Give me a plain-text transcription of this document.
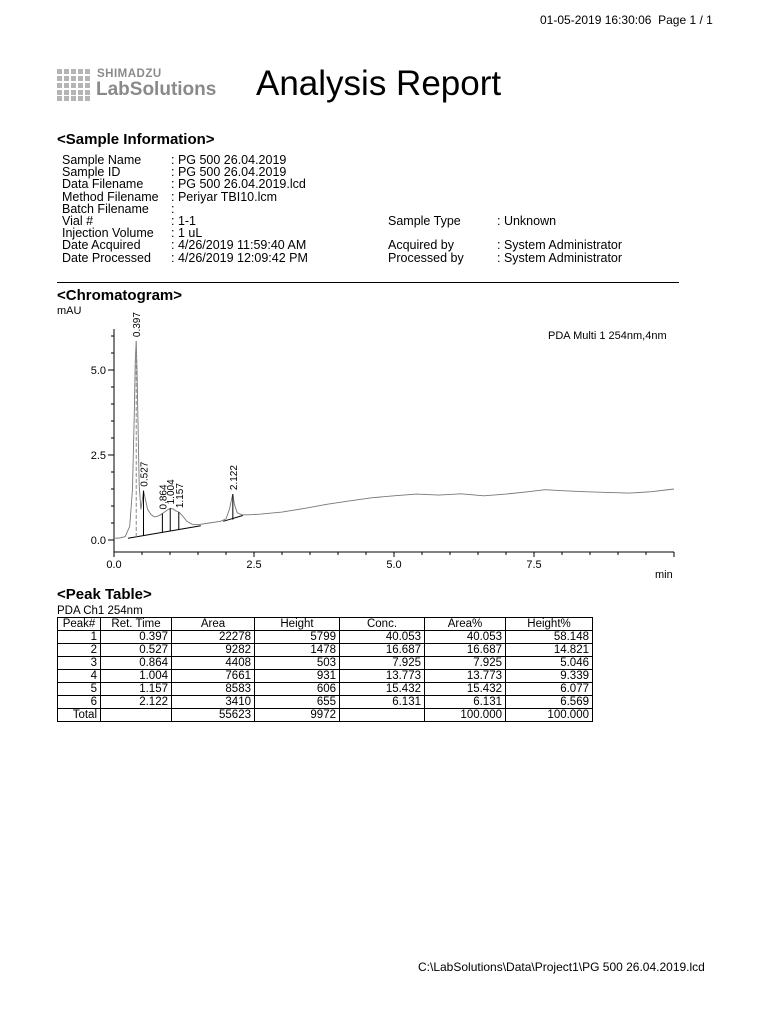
01-05-2019 16:30:06 Page 1 / 1
SHIMADZU
LabSolutions Analysis Report
<Sample Information>
Sample Name : PG 500 26.04.2019
Sample ID	: PG 500 26.04.2019
Data Filename : PG 500 26.04.2019.lcd
Method Filename : Periyar TBI10.lcm
Batch Filename :
Vial #	: 1-1	Sample Type	: Unknown
Injection Volume : 1 uL
Date Acquired : 4/26/2019 11:59:40 AM	Acquired by	: System Administrator
Date Processed : 4/26/2019 12:09:42 PM	Processed by	: System Administrator
<Chromatogram>
mAU
PDA Multi 1 254nm,4nm
min
0.0	2.5	5.0	7.5
0.0
2.5
5.0
0.397
0.527
0.864
1.004
1.157
2.122
<Peak Table>
PDA Ch1 254nm
Peak#	Ret. Time	Area	Height	Conc.	Area%	Height%
1	0.397	22278	5799	40.053	40.053	58.148
2	0.527	9282	1478	16.687	16.687	14.821
3	0.864	4408	503	7.925	7.925	5.046
4	1.004	7661	931	13.773	13.773	9.339
5	1.157	8583	606	15.432	15.432	6.077
6	2.122	3410	655	6.131	6.131	6.569
Total		55623	9972		100.000	100.000
C:\LabSolutions\Data\Project1\PG 500 26.04.2019.lcd
